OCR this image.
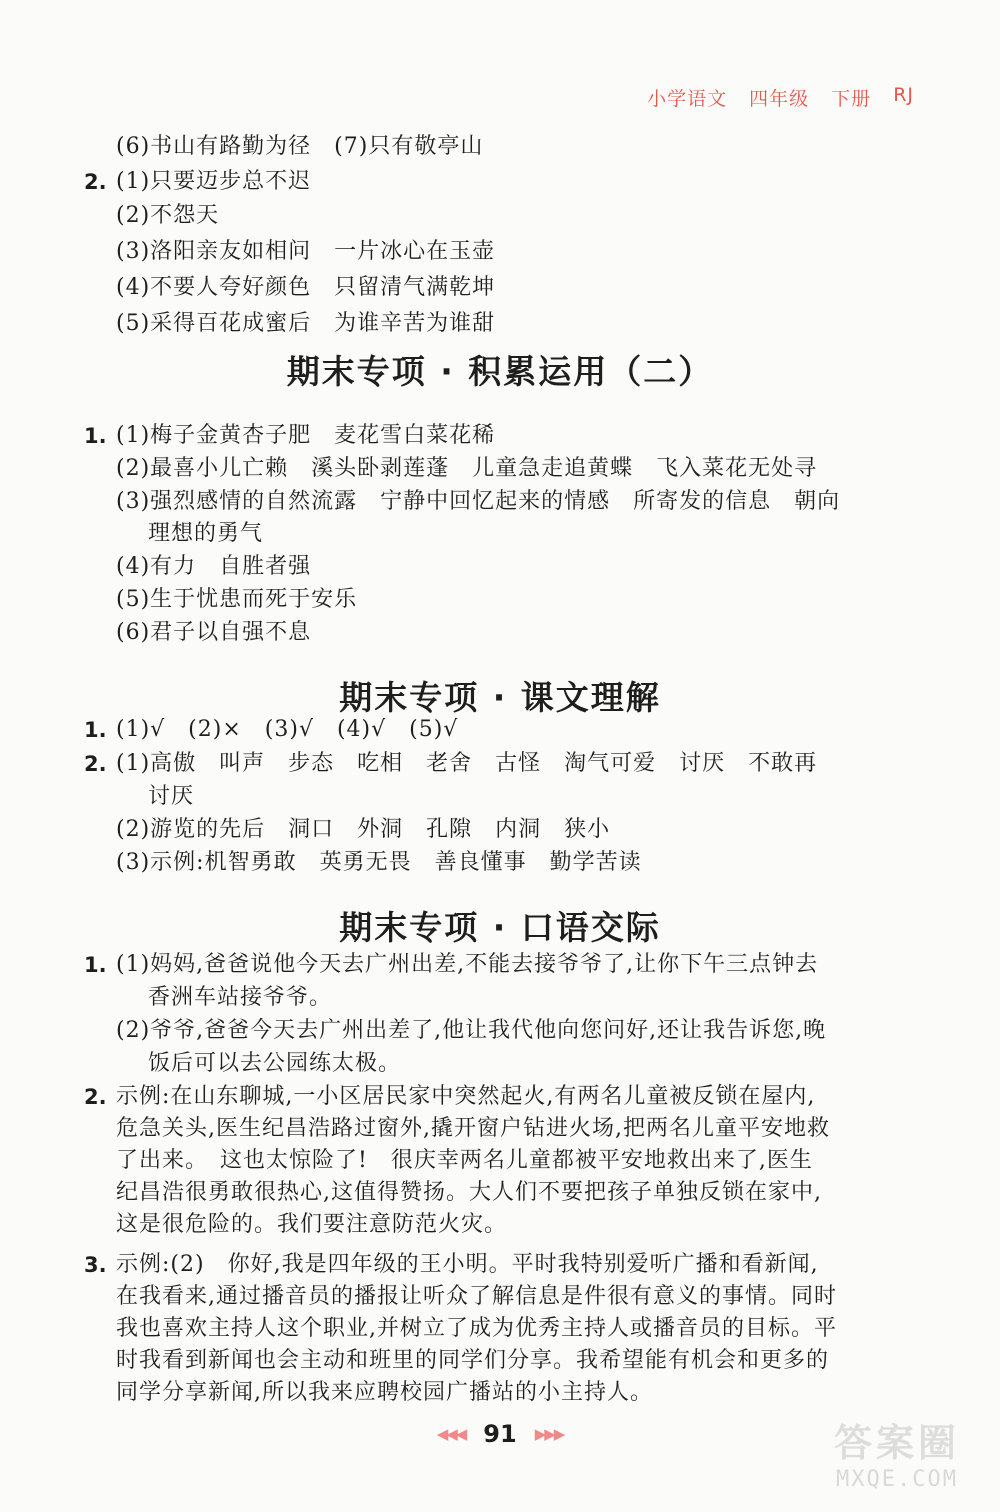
小学语文 四年级 下册 RJ
(6)书山有路勤为径　(7)只有敬亭山
2. (1)只要迈步总不迟
(2)不怨天
(3)洛阳亲友如相问　一片冰心在玉壶
(4)不要人夸好颜色　只留清气满乾坤
(5)采得百花成蜜后　为谁辛苦为谁甜
期末专项 · 积累运用（二）
1. (1)梅子金黄杏子肥　麦花雪白菜花稀
(2)最喜小儿亡赖　溪头卧剥莲蓬　儿童急走追黄蝶　飞入菜花无处寻
(3)强烈感情的自然流露　宁静中回忆起来的情感　所寄发的信息　朝向
理想的勇气
(4)有力　自胜者强
(5)生于忧患而死于安乐
(6)君子以自强不息
期末专项 · 课文理解
1. (1)√　(2)×　(3)√　(4)√　(5)√
2. (1)高傲　叫声　步态　吃相　老舍　古怪　淘气可爱　讨厌　不敢再
讨厌
(2)游览的先后　洞口　外洞　孔隙　内洞　狭小
(3)示例:机智勇敢　英勇无畏　善良懂事　勤学苦读
期末专项 · 口语交际
1. (1)妈妈,爸爸说他今天去广州出差,不能去接爷爷了,让你下午三点钟去
香洲车站接爷爷。
(2)爷爷,爸爸今天去广州出差了,他让我代他向您问好,还让我告诉您,晚
饭后可以去公园练太极。
2. 示例:在山东聊城,一小区居民家中突然起火,有两名儿童被反锁在屋内,
危急关头,医生纪昌浩路过窗外,撬开窗户钻进火场,把两名儿童平安地救
了出来。　这也太惊险了!　很庆幸两名儿童都被平安地救出来了,医生
纪昌浩很勇敢很热心,这值得赞扬。大人们不要把孩子单独反锁在家中,
这是很危险的。我们要注意防范火灾。
3. 示例:(2)　你好,我是四年级的王小明。平时我特别爱听广播和看新闻,
在我看来,通过播音员的播报让听众了解信息是件很有意义的事情。同时
我也喜欢主持人这个职业,并树立了成为优秀主持人或播音员的目标。平
时我看到新闻也会主动和班里的同学们分享。我希望能有机会和更多的
同学分享新闻,所以我来应聘校园广播站的小主持人。
◀◀◀ 91 ▶▶▶	答案圈
MXQE.COM
